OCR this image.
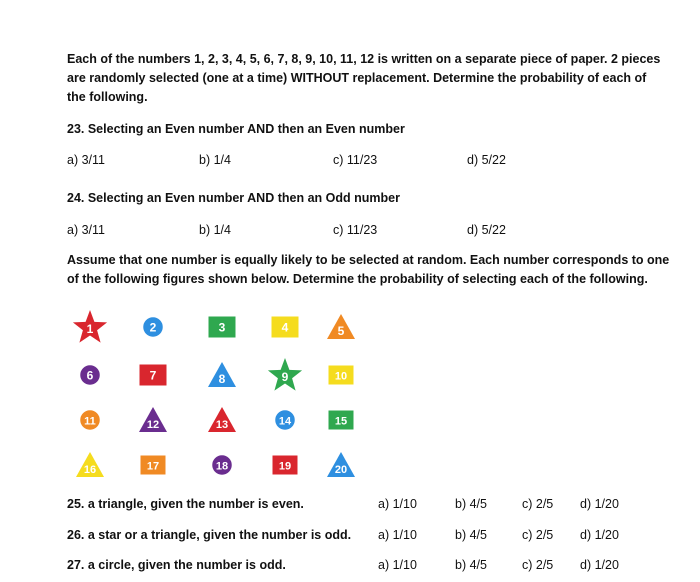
Each of the numbers 1, 2, 3, 4, 5, 6, 7, 8, 9, 10, 11, 12 is written on a separate piece of paper. 2 pieces
are randomly selected (one at a time) WITHOUT replacement. Determine the probability of each of
the following.
23. Selecting an Even number AND then an Even number
a) 3/11	b) 1/4	c) 11/23	d) 5/22
24. Selecting an Even number AND then an Odd number
a) 3/11	b) 1/4	c) 11/23	d) 5/22
Assume that one number is equally likely to be selected at random. Each number corresponds to one
of the following figures shown below. Determine the probability of selecting each of the following.
1	2	3	4	5
6	7	8	9	10
11	12	13	14	15
16	17	18	19	20
25. a triangle, given the number is even.	a) 1/10	b) 4/5	c) 2/5 d) 1/20
26. a star or a triangle, given the number is odd. a) 1/10	b) 4/5	c) 2/5 d) 1/20
27. a circle, given the number is odd.	a) 1/10	b) 4/5	c) 2/5 d) 1/20
